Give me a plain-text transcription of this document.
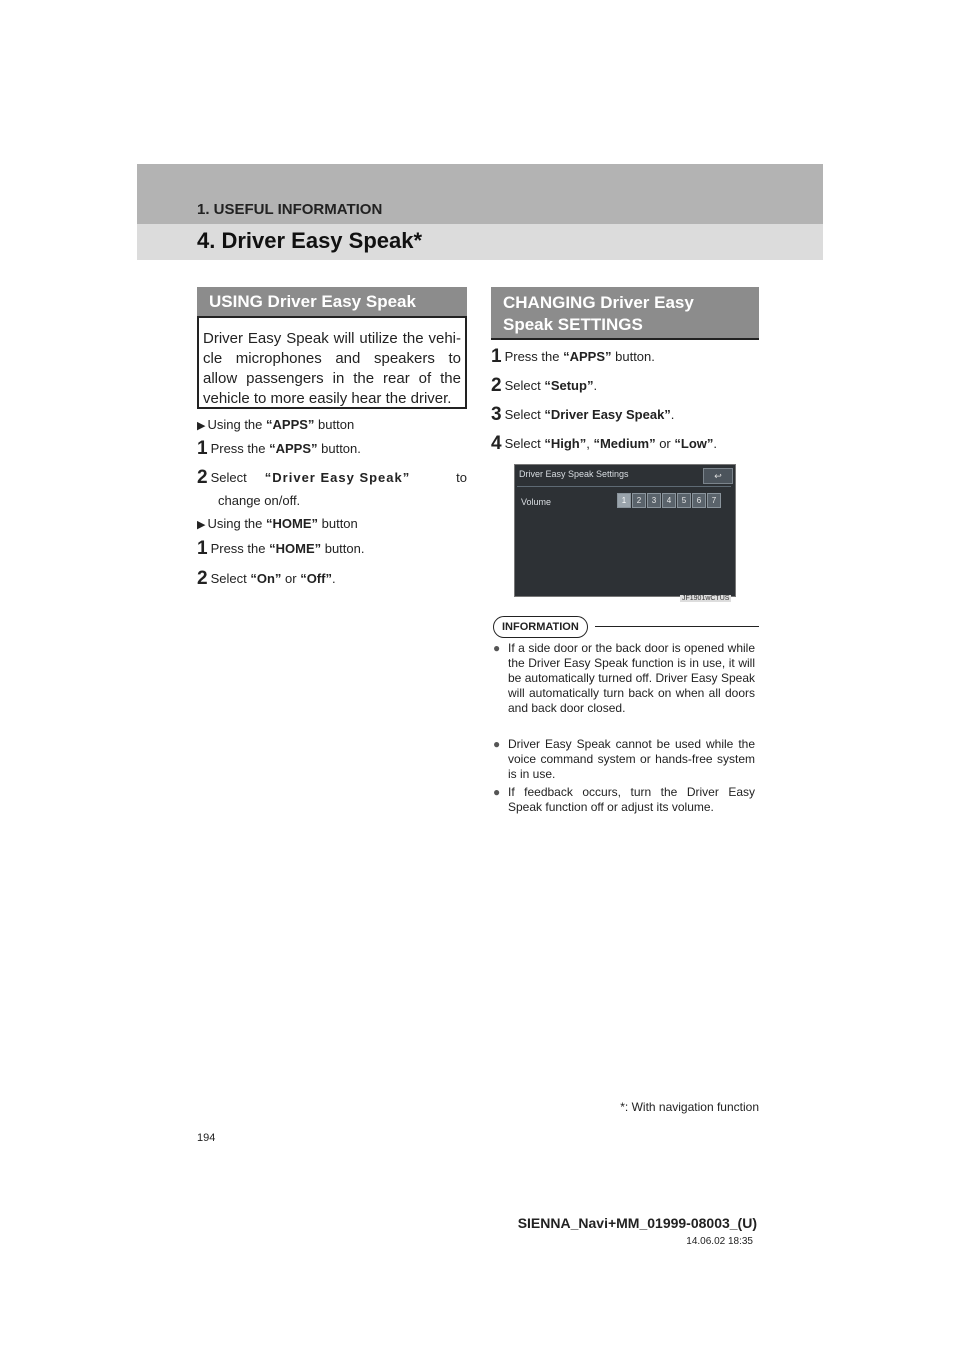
1. USEFUL INFORMATION
4. Driver Easy Speak*
USING Driver Easy Speak
Driver Easy Speak will utilize the vehi-cle microphones and speakers to allow passengers in the rear of the vehicle to more easily hear the driver.
▶ Using the “APPS” button
1 Press the “APPS” button.
2 Select     “Driver Easy Speak”	to
change on/off.
▶ Using the “HOME” button
1 Press the “HOME” button.
2 Select “On” or “Off”.
CHANGING Driver Easy
Speak SETTINGS
1 Press the “APPS” button.
2 Select “Setup”.
3 Select “Driver Easy Speak”.
4 Select “High”, “Medium” or “Low”.
Driver Easy Speak Settings	↩
Volume	1	2	3	4	5	6	7
JF1901wCTUS
INFORMATION
● If a side door or the back door is opened while the Driver Easy Speak function is in use, it will be automatically turned off. Driver Easy Speak will automatically turn back on when all doors and back door closed.
● Driver Easy Speak cannot be used while the voice command system or hands-free system is in use.
● If feedback occurs, turn the Driver Easy Speak function off or adjust its volume.
*: With navigation function
194
SIENNA_Navi+MM_01999-08003_(U)
14.06.02 18:35
